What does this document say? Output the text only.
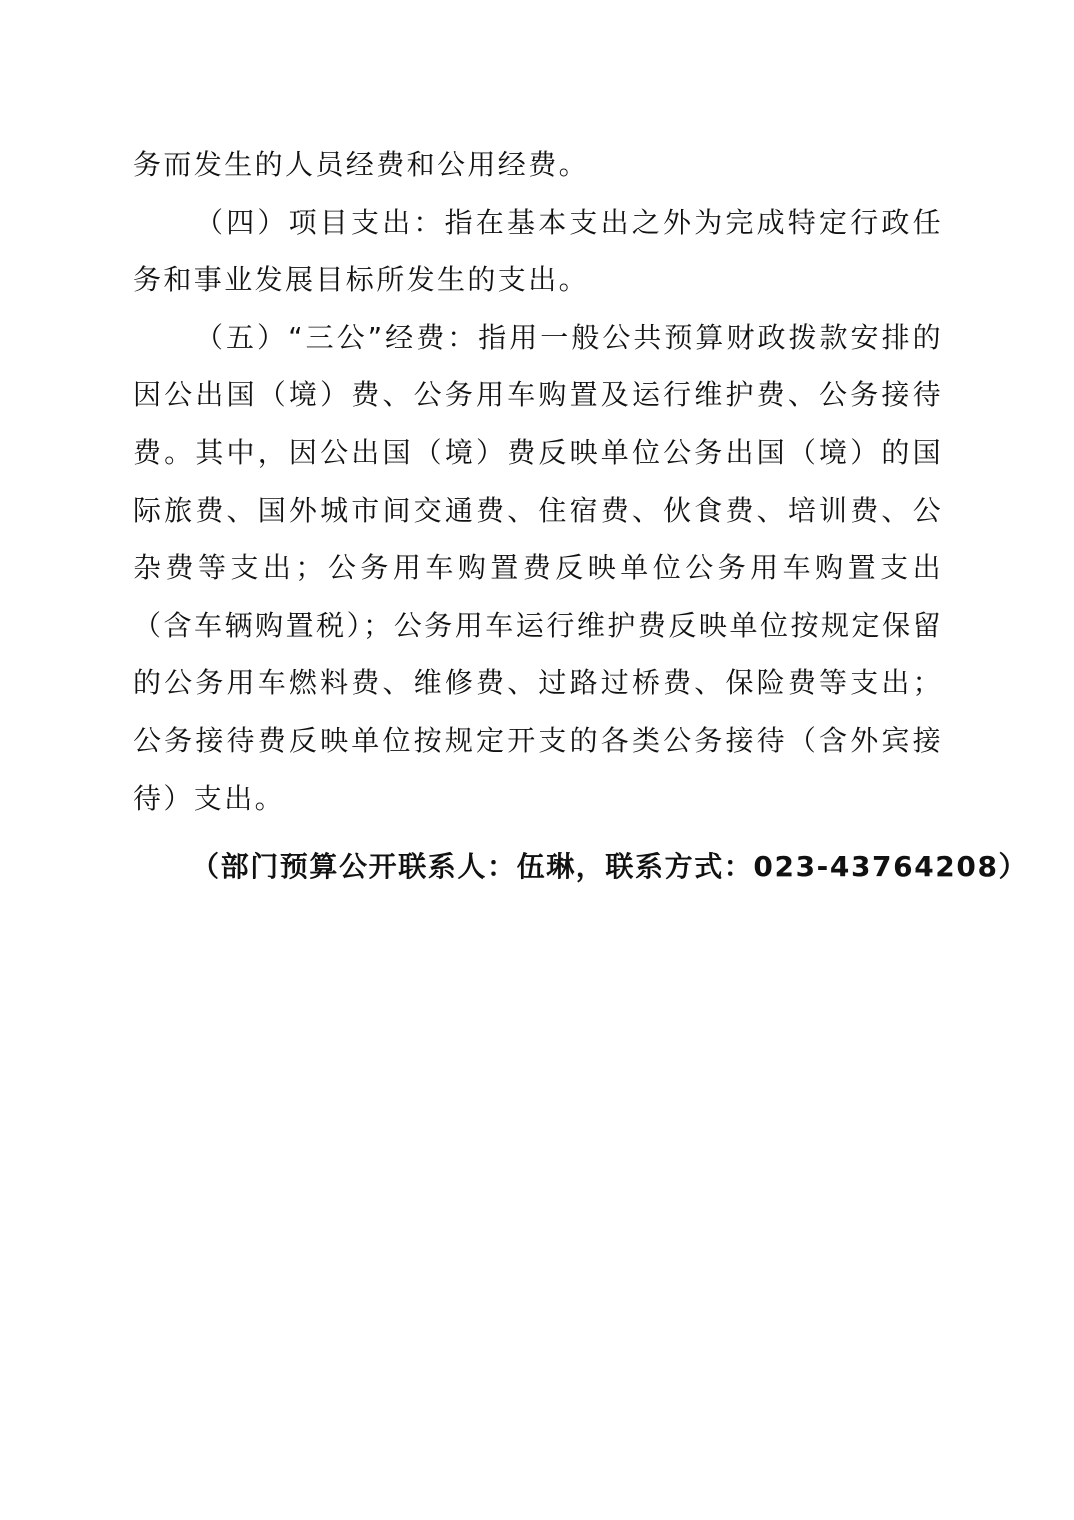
务而发生的人员经费和公用经费。

（四）项目支出：指在基本支出之外为完成特定行政任务和事业发展目标所发生的支出。

（五）“三公”经费：指用一般公共预算财政拨款安排的因公出国（境）费、公务用车购置及运行维护费、公务接待费。其中，因公出国（境）费反映单位公务出国（境）的国际旅费、国外城市间交通费、住宿费、伙食费、培训费、公杂费等支出；公务用车购置费反映单位公务用车购置支出（含车辆购置税）；公务用车运行维护费反映单位按规定保留的公务用车燃料费、维修费、过路过桥费、保险费等支出；公务接待费反映单位按规定开支的各类公务接待（含外宾接待）支出。

（部门预算公开联系人：伍琳，联系方式：023-43764208）
